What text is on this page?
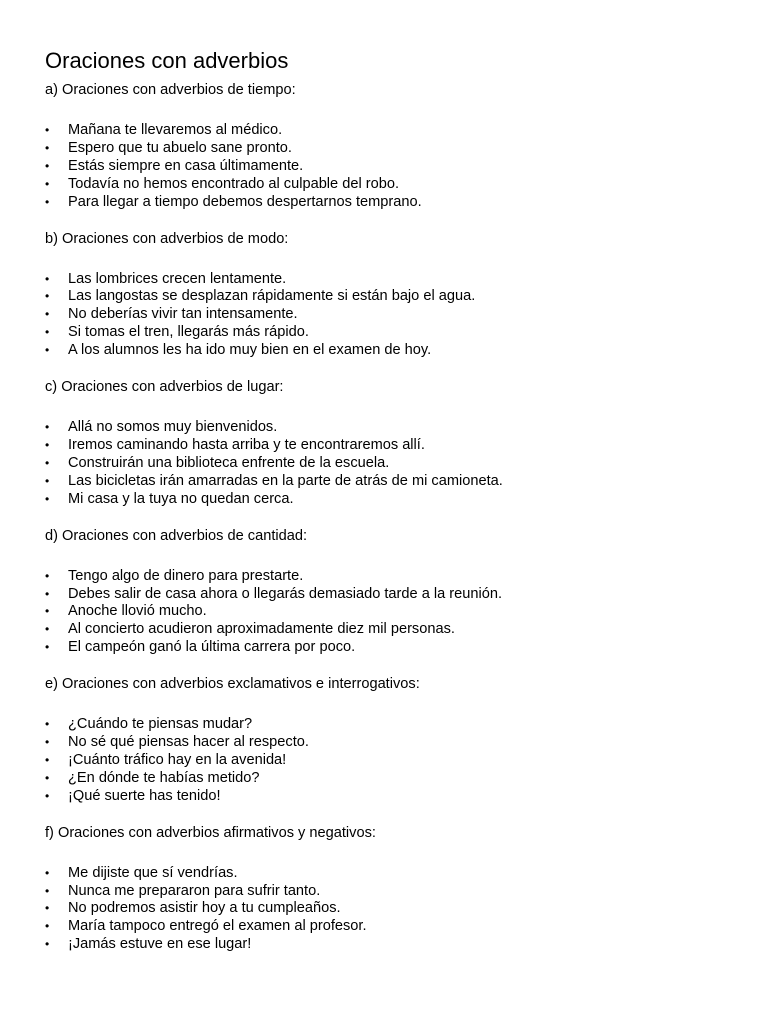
Oraciones con adverbios

a) Oraciones con adverbios de tiempo:

• Mañana te llevaremos al médico.
• Espero que tu abuelo sane pronto.
• Estás siempre en casa últimamente.
• Todavía no hemos encontrado al culpable del robo.
• Para llegar a tiempo debemos despertarnos temprano.

b) Oraciones con adverbios de modo:

• Las lombrices crecen lentamente.
• Las langostas se desplazan rápidamente si están bajo el agua.
• No deberías vivir tan intensamente.
• Si tomas el tren, llegarás más rápido.
• A los alumnos les ha ido muy bien en el examen de hoy.

c) Oraciones con adverbios de lugar:

• Allá no somos muy bienvenidos.
• Iremos caminando hasta arriba y te encontraremos allí.
• Construirán una biblioteca enfrente de la escuela.
• Las bicicletas irán amarradas en la parte de atrás de mi camioneta.
• Mi casa y la tuya no quedan cerca.

d) Oraciones con adverbios de cantidad:

• Tengo algo de dinero para prestarte.
• Debes salir de casa ahora o llegarás demasiado tarde a la reunión.
• Anoche llovió mucho.
• Al concierto acudieron aproximadamente diez mil personas.
• El campeón ganó la última carrera por poco.

e) Oraciones con adverbios exclamativos e interrogativos:

• ¿Cuándo te piensas mudar?
• No sé qué piensas hacer al respecto.
• ¡Cuánto tráfico hay en la avenida!
• ¿En dónde te habías metido?
• ¡Qué suerte has tenido!

f) Oraciones con adverbios afirmativos y negativos:

• Me dijiste que sí vendrías.
• Nunca me prepararon para sufrir tanto.
• No podremos asistir hoy a tu cumpleaños.
• María tampoco entregó el examen al profesor.
• ¡Jamás estuve en ese lugar!
